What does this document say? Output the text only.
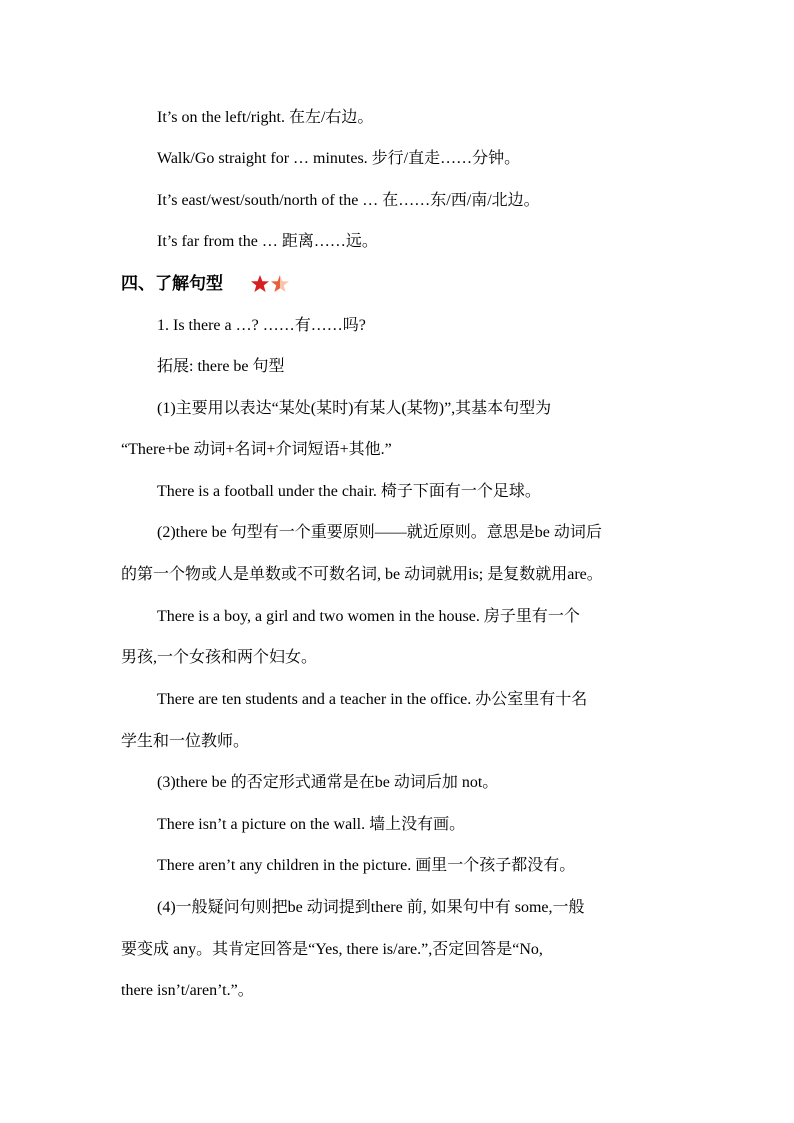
It’s on the left/right. 在左/右边。
Walk/Go straight for … minutes. 步行/直走……分钟。
It’s east/west/south/north of the … 在……东/西/南/北边。
It’s far from the … 距离……远。
四、了解句型
1. Is there a …? ……有……吗?
拓展: there be 句型
(1)主要用以表达“某处(某时)有某人(某物)”,其基本句型为
“There+be 动词+名词+介词短语+其他.”
There is a football under the chair. 椅子下面有一个足球。
(2)there be 句型有一个重要原则——就近原则。意思是be 动词后
的第一个物或人是单数或不可数名词, be 动词就用is; 是复数就用are。
There is a boy, a girl and two women in the house. 房子里有一个
男孩,一个女孩和两个妇女。
There are ten students and a teacher in the office. 办公室里有十名
学生和一位教师。
(3)there be 的否定形式通常是在be 动词后加 not。
There isn’t a picture on the wall. 墙上没有画。
There aren’t any children in the picture. 画里一个孩子都没有。
(4)一般疑问句则把be 动词提到there 前, 如果句中有 some,一般
要变成 any。其肯定回答是“Yes, there is/are.”,否定回答是“No,
there isn’t/aren’t.”。
